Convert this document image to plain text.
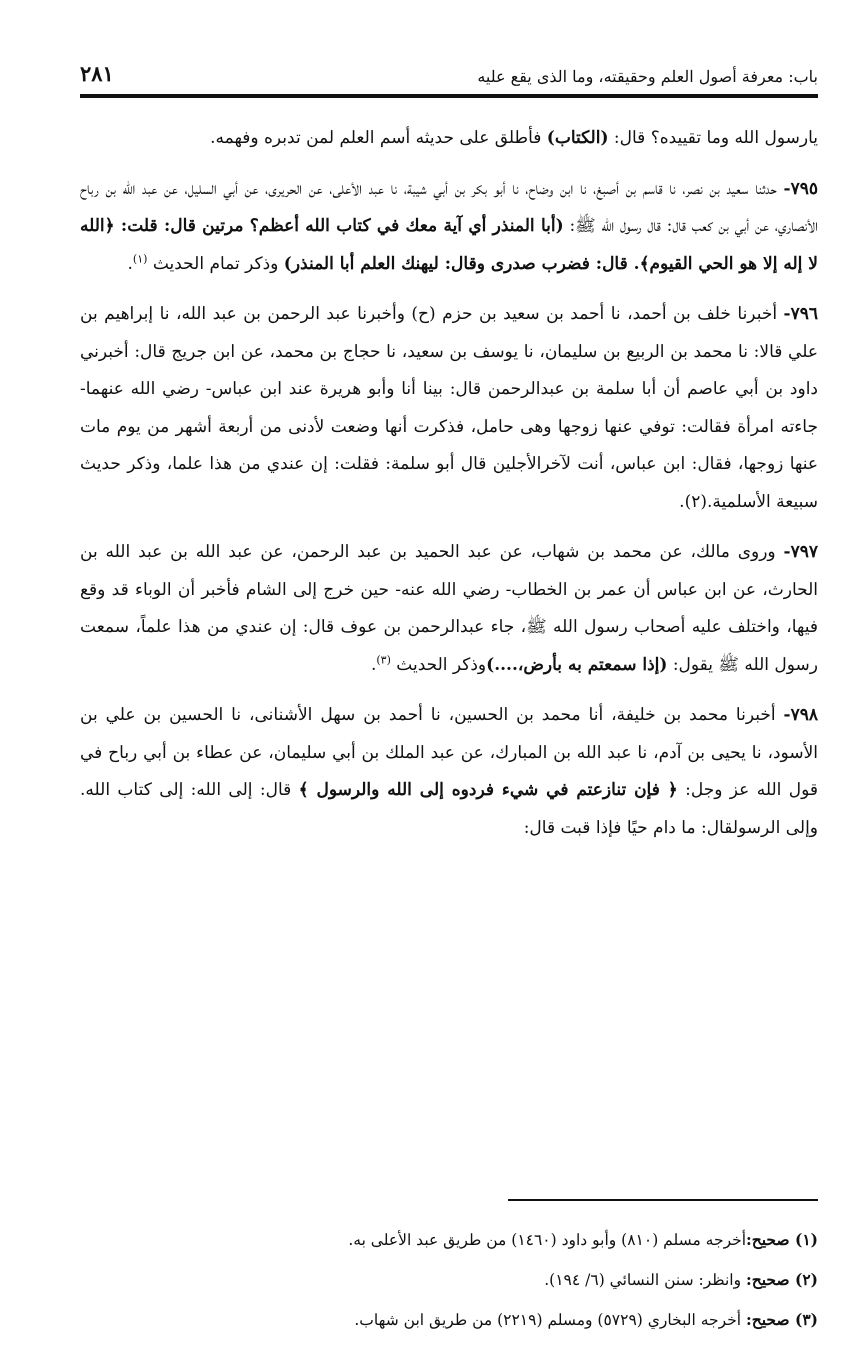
باب: معرفة أصول العلم وحقيقته، وما الذى يقع عليه
٢٨١

يارسول الله وما تقييده؟ قال: (الكتاب) فأطلق على حديثه أسم العلم لمن تدبره وفهمه.

٧٩٥- حدثنا سعيد بن نصر، نا قاسم بن أصبغ، نا ابن وضاح، نا أبو بكر بن أبي شيبة، نا عبد الأعلى، عن الحريرى، عن أبي السليل، عن عبد الله بن رباح الأنصاري، عن أبي بن كعب قال: قال رسول الله ﷺ: (أبا المنذر أي آية معك في كتاب الله أعظم؟ مرتين قال: قلت: ﴿الله لا إله إلا هو الحي القيوم﴾. قال: فضرب صدرى وقال: ليهنك العلم أبا المنذر) وذكر تمام الحديث $^{(١)}$.

٧٩٦- أخبرنا خلف بن أحمد، نا أحمد بن سعيد بن حزم (ح) وأخبرنا عبد الرحمن بن عبد الله، نا إبراهيم بن علي قالا: نا محمد بن الربيع بن سليمان، نا يوسف بن سعيد، نا حجاج بن محمد، عن ابن جريج قال: أخبرني داود بن أبي عاصم أن أبا سلمة بن عبدالرحمن قال: بينا أنا وأبو هريرة عند ابن عباس- رضي الله عنهما- جاءته امرأة فقالت: توفي عنها زوجها وهى حامل، فذكرت أنها وضعت لأدنى من أربعة أشهر من يوم مات عنها زوجها، فقال: ابن عباس، أنت لآخرالأجلين قال أبو سلمة: فقلت: إن عندي من هذا علما، وذكر حديث سبيعة الأسلمية.(٢).

٧٩٧- وروى مالك، عن محمد بن شهاب، عن عبد الحميد بن عبد الرحمن، عن عبد الله بن عبد الله بن الحارث، عن ابن عباس أن عمر بن الخطاب- رضي الله عنه- حين خرج إلى الشام فأخبر أن الوباء قد وقع فيها، واختلف عليه أصحاب رسول الله ﷺ، جاء عبدالرحمن بن عوف قال: إن عندي من هذا علماً، سمعت رسول الله ﷺ يقول: (إذا سمعتم به بأرض،....)وذكر الحديث $^{(٣)}$.

٧٩٨- أخبرنا محمد بن خليفة، أنا محمد بن الحسين، نا أحمد بن سهل الأشنانى، نا الحسين بن علي بن الأسود، نا يحيى بن آدم، نا عبد الله بن المبارك، عن عبد الملك بن أبي سليمان، عن عطاء بن أبي رباح في قول الله عز وجل: ﴿ فإن تنازعتم في شيء فردوه إلى الله والرسول ﴾ قال: إلى الله: إلى كتاب الله. وإلى الرسولقال: ما دام حيًا فإذا قبت قال:

(١) صحيح:أخرجه مسلم (٨١٠) وأبو داود (١٤٦٠) من طريق عبد الأعلى به.

(٢) صحيح: وانظر: سنن النسائي (٦/ ١٩٤).

(٣) صحيح: أخرجه البخاري (٥٧٢٩) ومسلم (٢٢١٩) من طريق ابن شهاب.
